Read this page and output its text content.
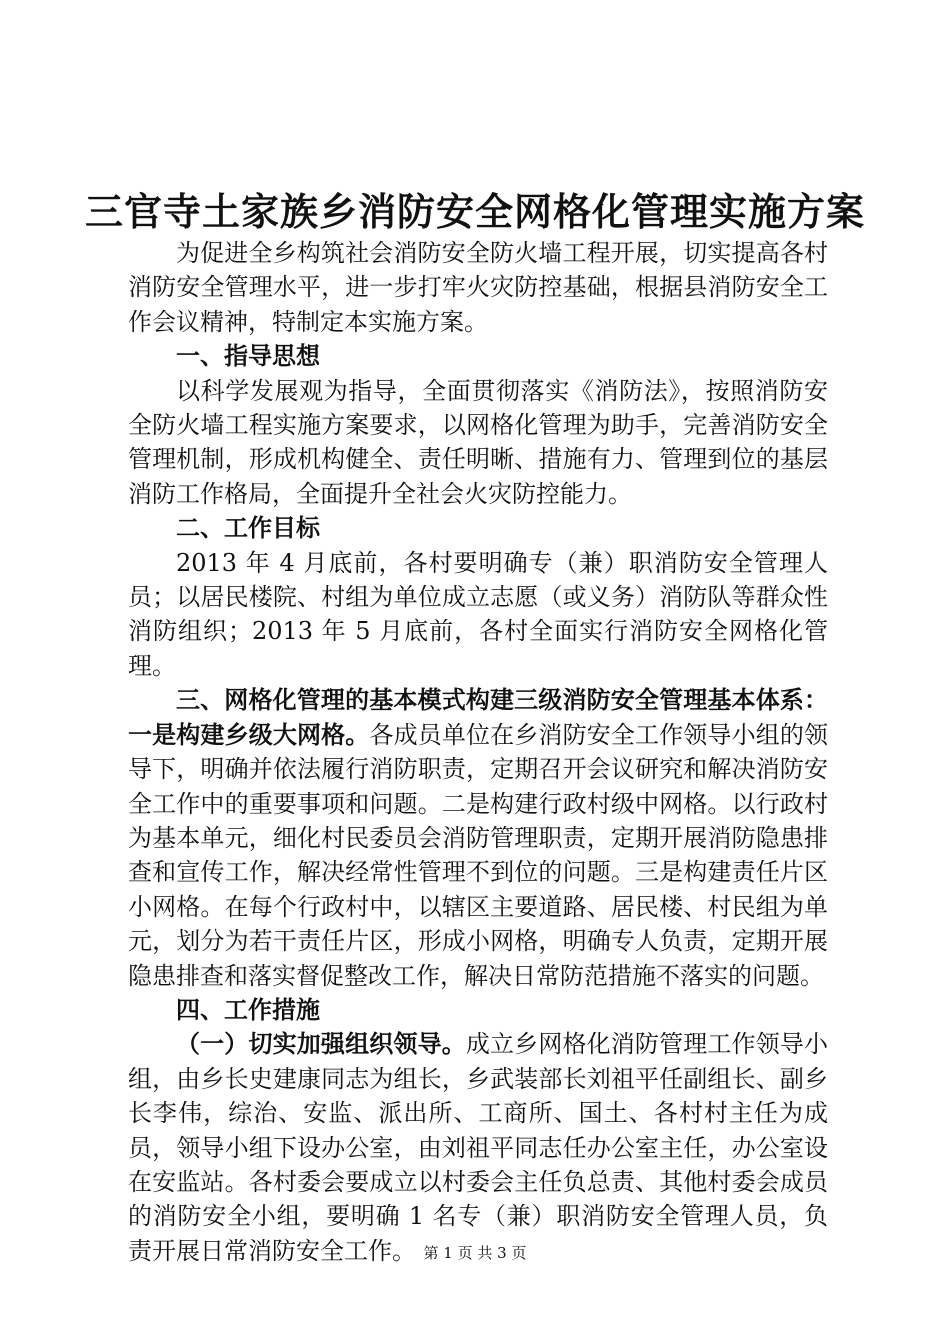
三官寺土家族乡消防安全网格化管理实施方案

为促进全乡构筑社会消防安全防火墙工程开展，切实提高各村消防安全管理水平，进一步打牢火灾防控基础，根据县消防安全工作会议精神，特制定本实施方案。

一、指导思想

以科学发展观为指导，全面贯彻落实《消防法》，按照消防安全防火墙工程实施方案要求，以网格化管理为助手，完善消防安全管理机制，形成机构健全、责任明晰、措施有力、管理到位的基层消防工作格局，全面提升全社会火灾防控能力。

二、工作目标

2013 年 4 月底前，各村要明确专（兼）职消防安全管理人员；以居民楼院、村组为单位成立志愿（或义务）消防队等群众性消防组织；2013 年 5 月底前，各村全面实行消防安全网格化管理。

三、网格化管理的基本模式构建三级消防安全管理基本体系：一是构建乡级大网格。各成员单位在乡消防安全工作领导小组的领导下，明确并依法履行消防职责，定期召开会议研究和解决消防安全工作中的重要事项和问题。二是构建行政村级中网格。以行政村为基本单元，细化村民委员会消防管理职责，定期开展消防隐患排查和宣传工作，解决经常性管理不到位的问题。三是构建责任片区小网格。在每个行政村中，以辖区主要道路、居民楼、村民组为单元，划分为若干责任片区，形成小网格，明确专人负责，定期开展隐患排查和落实督促整改工作，解决日常防范措施不落实的问题。

四、工作措施

（一）切实加强组织领导。成立乡网格化消防管理工作领导小组，由乡长史建康同志为组长，乡武装部长刘祖平任副组长、副乡长李伟，综治、安监、派出所、工商所、国土、各村村主任为成员，领导小组下设办公室，由刘祖平同志任办公室主任，办公室设在安监站。各村委会要成立以村委会主任负总责、其他村委会成员的消防安全小组，要明确 1 名专（兼）职消防安全管理人员，负责开展日常消防安全工作。 第 1 页 共 3 页
